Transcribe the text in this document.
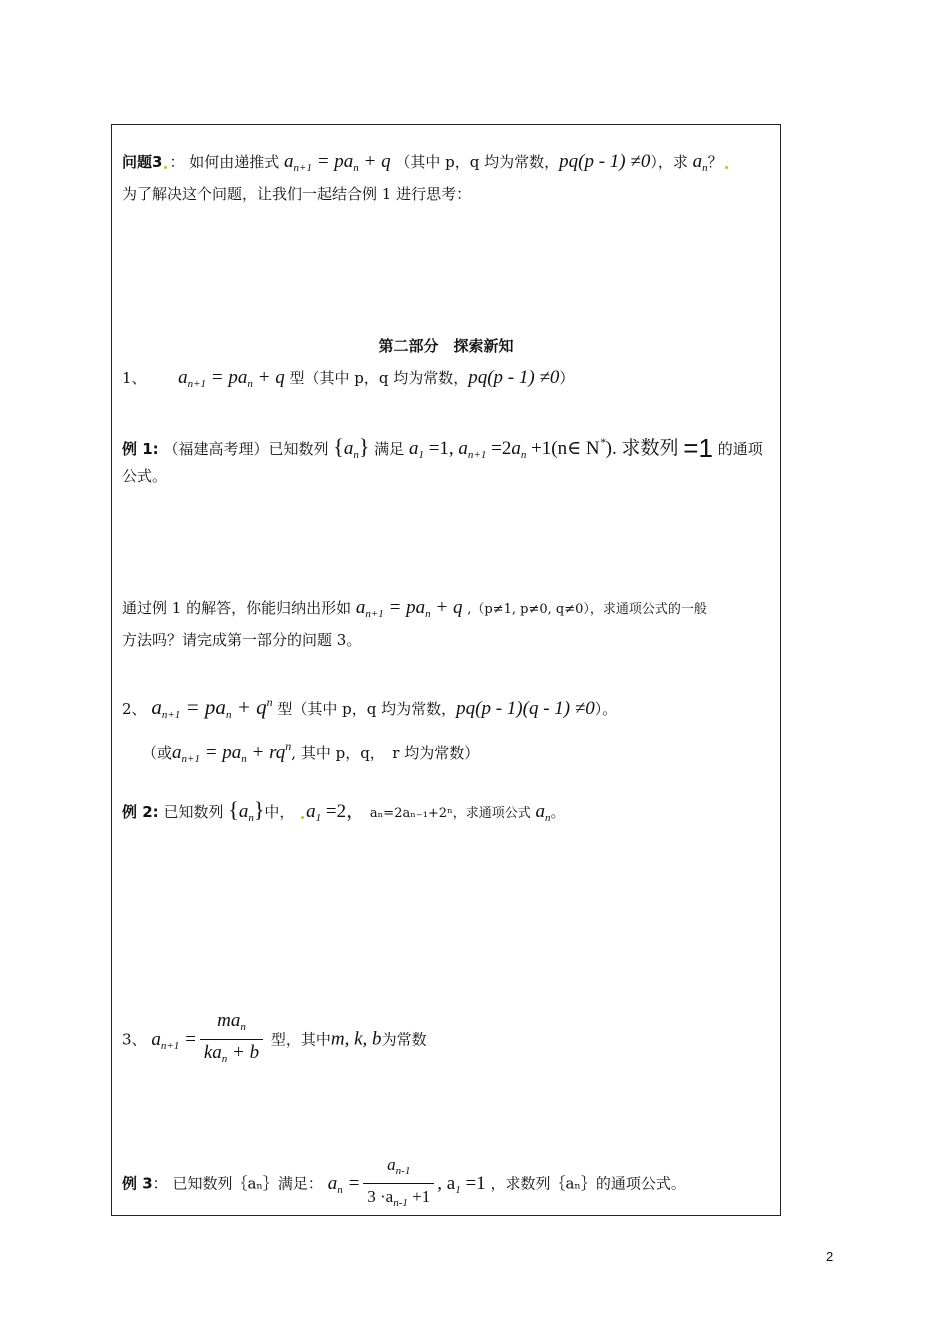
问题3 ： 如何由递推式 $a_{n+1} = pa_n + q$ （其中 p，q 均为常数，pq(p - 1) ≠0），求 $a_n$？
为了解决这个问题，让我们一起结合例 1 进行思考：
第二部分　探索新知
1、 $a_{n+1} = pa_n + q$ 型（其中 p，q 均为常数，pq(p - 1) ≠0）
例 1: （福建高考理）已知数列 $\{a_n\}$ 满足 $a_1 =1$, $a_{n+1} =2a_n$ +1(n∈ N*). 求数列 =1 的通项
公式。
通过例 1 的解答，你能归纳出形如 $a_{n+1} = pa_n + q$ ,（p≠1, p≠0, q≠0），求通项公式的一般
方法吗？请完成第一部分的问题 3。
2、 $a_{n+1} = pa_n + q^n$ 型（其中 p，q 均为常数，pq(p - 1)(q - 1) ≠0）。
（或$a_{n+1} = pa_n + rq^n$, 其中 p，q，　r 均为常数）
例 2: 已知数列 $\{a_n\}$中， $a_1 =2$， aₙ=2aₙ₋₁+2ⁿ，求通项公式 $a_n$。
3、 $a_{n+1} = \frac{ma_n}{ka_n + b}$ 型，其中m, k, b为常数
例 3： 已知数列｛aₙ｝满足： $a_n = \frac{a_{n-1}}{3 \cdot a_{n-1} +1}$ , $a_1 =1$ ，求数列｛aₙ｝的通项公式。
2
